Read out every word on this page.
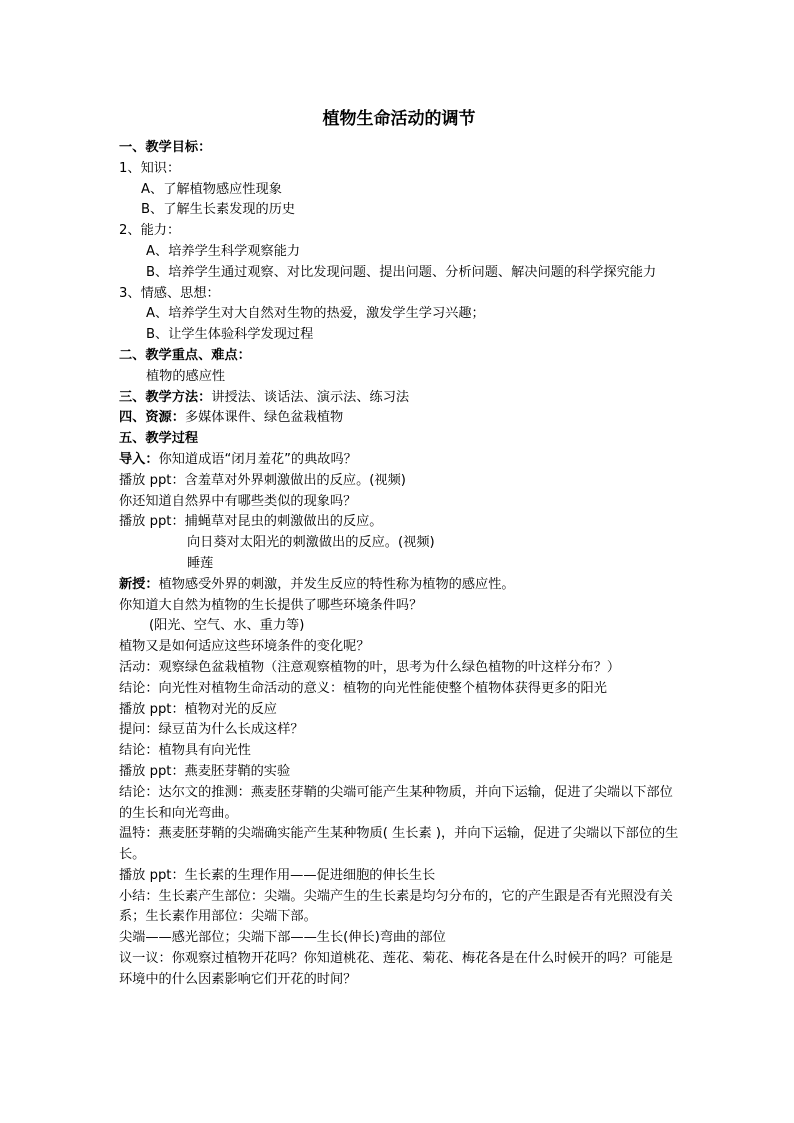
植物生命活动的调节
一、教学目标：
1、知识：
A、了解植物感应性现象
B、了解生长素发现的历史
2、能力：
A、培养学生科学观察能力
B、培养学生通过观察、对比发现问题、提出问题、分析问题、解决问题的科学探究能力
3、情感、思想：
A、培养学生对大自然对生物的热爱，激发学生学习兴趣；
B、让学生体验科学发现过程
二、教学重点、难点：
植物的感应性
三、教学方法：讲授法、谈话法、演示法、练习法
四、资源：多媒体课件、绿色盆栽植物
五、教学过程
导入：你知道成语“闭月羞花”的典故吗？
播放 ppt：含羞草对外界刺激做出的反应。(视频)
你还知道自然界中有哪些类似的现象吗？
播放 ppt：捕蝇草对昆虫的刺激做出的反应。
向日葵对太阳光的刺激做出的反应。(视频)
睡莲
新授：植物感受外界的刺激，并发生反应的特性称为植物的感应性。
你知道大自然为植物的生长提供了哪些环境条件吗？
(阳光、空气、水、重力等)
植物又是如何适应这些环境条件的变化呢？
活动：观察绿色盆栽植物（注意观察植物的叶，思考为什么绿色植物的叶这样分布？）
结论：向光性对植物生命活动的意义：植物的向光性能使整个植物体获得更多的阳光
播放 ppt：植物对光的反应
提问：绿豆苗为什么长成这样？
结论：植物具有向光性
播放 ppt：燕麦胚芽鞘的实验
结论：达尔文的推测：燕麦胚芽鞘的尖端可能产生某种物质，并向下运输，促进了尖端以下部位的生长和向光弯曲。
温特：燕麦胚芽鞘的尖端确实能产生某种物质( 生长素 )，并向下运输，促进了尖端以下部位的生长。
播放 ppt：生长素的生理作用——促进细胞的伸长生长
小结：生长素产生部位：尖端。尖端产生的生长素是均匀分布的，它的产生跟是否有光照没有关系；生长素作用部位：尖端下部。
尖端——感光部位；尖端下部——生长(伸长)弯曲的部位
议一议：你观察过植物开花吗？你知道桃花、莲花、菊花、梅花各是在什么时候开的吗？可能是环境中的什么因素影响它们开花的时间？
